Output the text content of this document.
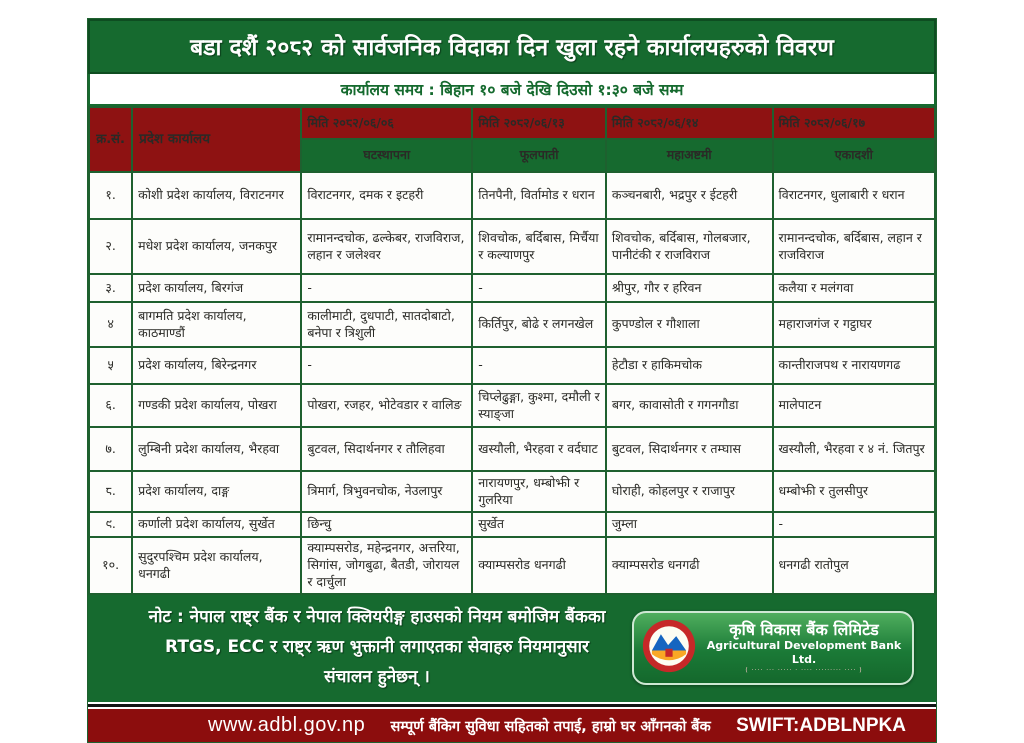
बडा दशैं २०८२ को सार्वजनिक विदाका दिन खुला रहने कार्यालयहरुको विवरण
कार्यालय समय : बिहान १० बजे देखि दिउसो १:३० बजे सम्म
क्र.सं.	प्रदेश कार्यालय	मिति २०८२/०६/०६	मिति २०८२/०६/१३	मिति २०८२/०६/१४	मिति २०८२/०६/१७
		घटस्थापना	फूलपाती	महाअष्टमी	एकादशी
१.	कोशी प्रदेश कार्यालय, विराटनगर	विराटनगर, दमक र इटहरी	तिनपैनी, विर्तामोड र धरान	कञ्चनबारी, भद्रपुर र ईटहरी	विराटनगर, धुलाबारी र धरान
२.	मधेश प्रदेश कार्यालय, जनकपुर	रामानन्दचोक, ढल्केबर, राजविराज, लहान र जलेश्वर	शिवचोक, बर्दिबास, मिर्चैया र कल्याणपुर	शिवचोक, बर्दिबास, गोलबजार, पानीटंकी र राजविराज	रामानन्दचोक, बर्दिबास, लहान र राजविराज
३.	प्रदेश कार्यालय, बिरगंज	-	-	श्रीपुर, गौर र हरिवन	कलैया र मलंगवा
४	बागमति प्रदेश कार्यालय, काठमाण्डौं	कालीमाटी, दुधपाटी, सातदोबाटो, बनेपा र त्रिशुली	किर्तिपुर, बोढे र लगनखेल	कुपण्डोल र गौशाला	महाराजगंज र गट्ठाघर
५	प्रदेश कार्यालय, बिरेन्द्रनगर	-	-	हेटौडा र हाकिमचोक	कान्तीराजपथ र नारायणगढ
६.	गण्डकी प्रदेश कार्यालय, पोखरा	पोखरा, रजहर, भोटेवडार र वालिङ	चिप्लेढुङ्गा, कुश्मा, दमौली र स्याङ्जा	बगर, कावासोती र गगनगौडा	मालेपाटन
७.	लुम्बिनी प्रदेश कार्यालय, भैरहवा	बुटवल, सिदार्थनगर र तौलिहवा	खस्यौली, भैरहवा र वर्दघाट	बुटवल, सिदार्थनगर र तम्घास	खस्यौली, भैरहवा र ४ नं. जितपुर
८.	प्रदेश कार्यालय, दाङ्ग	त्रिमार्ग, त्रिभुवनचोक, नेउलापुर	नारायणपुर, धम्बोझी र गुलरिया	घोराही, कोहलपुर र राजापुर	धम्बोझी र तुलसीपुर
९.	कर्णाली प्रदेश कार्यालय, सुर्खेत	छिन्चु	सुर्खेत	जुम्ला	-
१०.	सुदुरपश्चिम प्रदेश कार्यालय, धनगढी	क्याम्पसरोड, महेन्द्रनगर, अत्तरिया, सिगांस, जोगबुढा, बैतडी, जोरायल र दार्चुला	क्याम्पसरोड धनगढी	क्याम्पसरोड धनगढी	धनगढी रातोपुल
नोट : नेपाल राष्ट्र बैंक र नेपाल क्लियरीङ्ग हाउसको नियम बमोजिम बैंकका
RTGS, ECC र राष्ट्र ऋण भुक्तानी लगाएतका सेवाहरु नियमानुसार
संचालन हुनेछन् ।
कृषि विकास बैंक लिमिटेड
Agricultural Development Bank Ltd.
( ···· ··· ····· · ···· ········· ···· )
www.adbl.gov.np सम्पूर्ण बैंकिग सुविधा सहितको तपाई, हाम्रो घर आँगनको बैंक SWIFT:ADBLNPKA
